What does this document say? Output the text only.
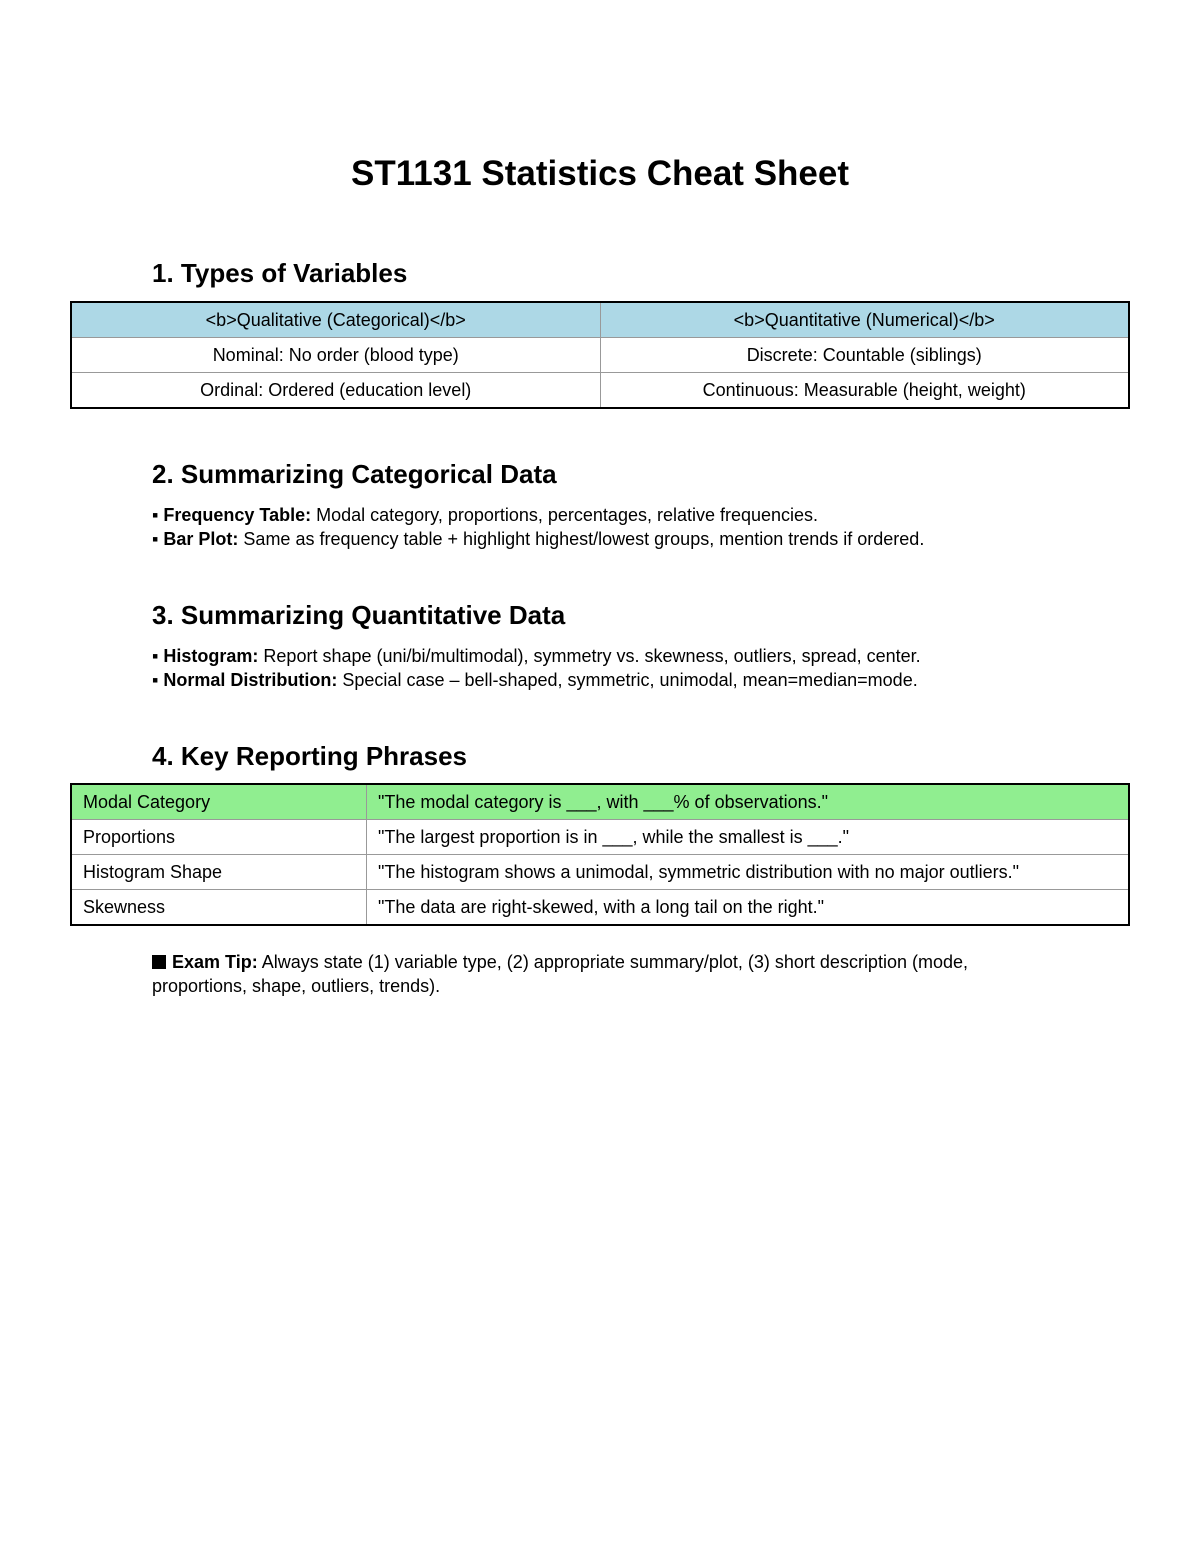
ST1131 Statistics Cheat Sheet
1. Types of Variables
<b>Qualitative (Categorical)</b>	<b>Quantitative (Numerical)</b>
Nominal: No order (blood type)	Discrete: Countable (siblings)
Ordinal: Ordered (education level)	Continuous: Measurable (height, weight)
2. Summarizing Categorical Data
▪ Frequency Table: Modal category, proportions, percentages, relative frequencies.
▪ Bar Plot: Same as frequency table + highlight highest/lowest groups, mention trends if ordered.
3. Summarizing Quantitative Data
▪ Histogram: Report shape (uni/bi/multimodal), symmetry vs. skewness, outliers, spread, center.
▪ Normal Distribution: Special case – bell-shaped, symmetric, unimodal, mean=median=mode.
4. Key Reporting Phrases
Modal Category	"The modal category is ___, with ___% of observations."
Proportions	"The largest proportion is in ___, while the smallest is ___."
Histogram Shape	"The histogram shows a unimodal, symmetric distribution with no major outliers."
Skewness	"The data are right-skewed, with a long tail on the right."

Exam Tip: Always state (1) variable type, (2) appropriate summary/plot, (3) short description (mode, proportions, shape, outliers, trends).
